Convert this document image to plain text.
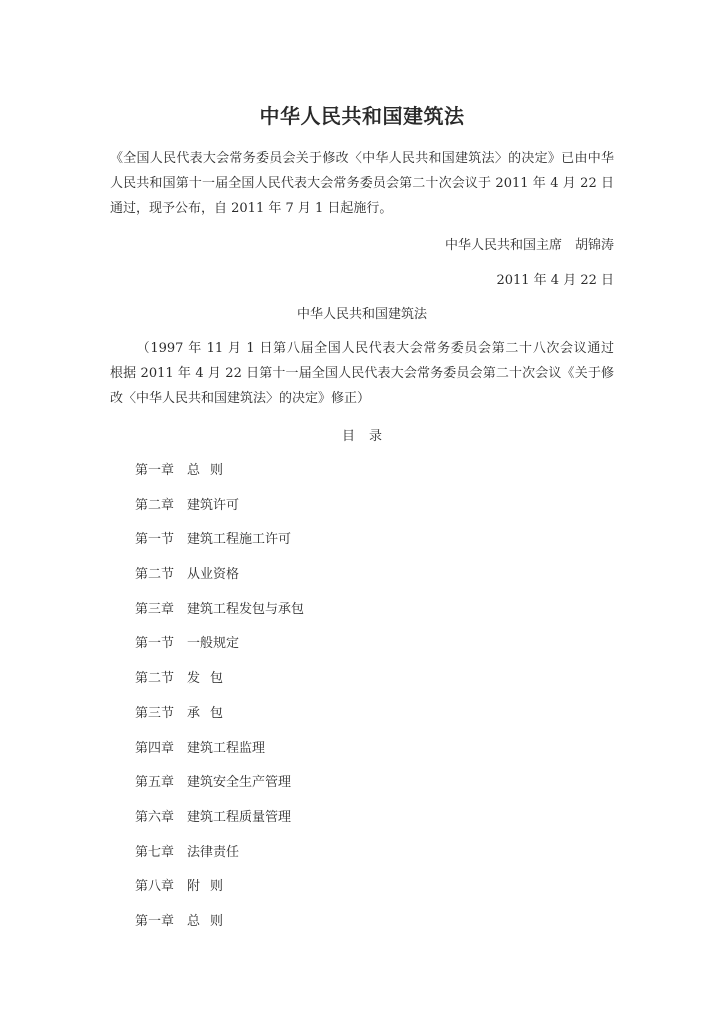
中华人民共和国建筑法
《全国人民代表大会常务委员会关于修改〈中华人民共和国建筑法〉的决定》已由中华人民共和国第十一届全国人民代表大会常务委员会第二十次会议于 2011 年 4 月 22 日通过，现予公布，自 2011 年 7 月 1 日起施行。
中华人民共和国主席　胡锦涛
2011 年 4 月 22 日
中华人民共和国建筑法
（1997 年 11 月 1 日第八届全国人民代表大会常务委员会第二十八次会议通过　根据 2011 年 4 月 22 日第十一届全国人民代表大会常务委员会第二十次会议《关于修改〈中华人民共和国建筑法〉的决定》修正）
目录
第一章 总则
第二章 建筑许可
第一节 建筑工程施工许可
第二节 从业资格
第三章 建筑工程发包与承包
第一节 一般规定
第二节 发包
第三节 承包
第四章 建筑工程监理
第五章 建筑安全生产管理
第六章 建筑工程质量管理
第七章 法律责任
第八章 附则
第一章 总则
